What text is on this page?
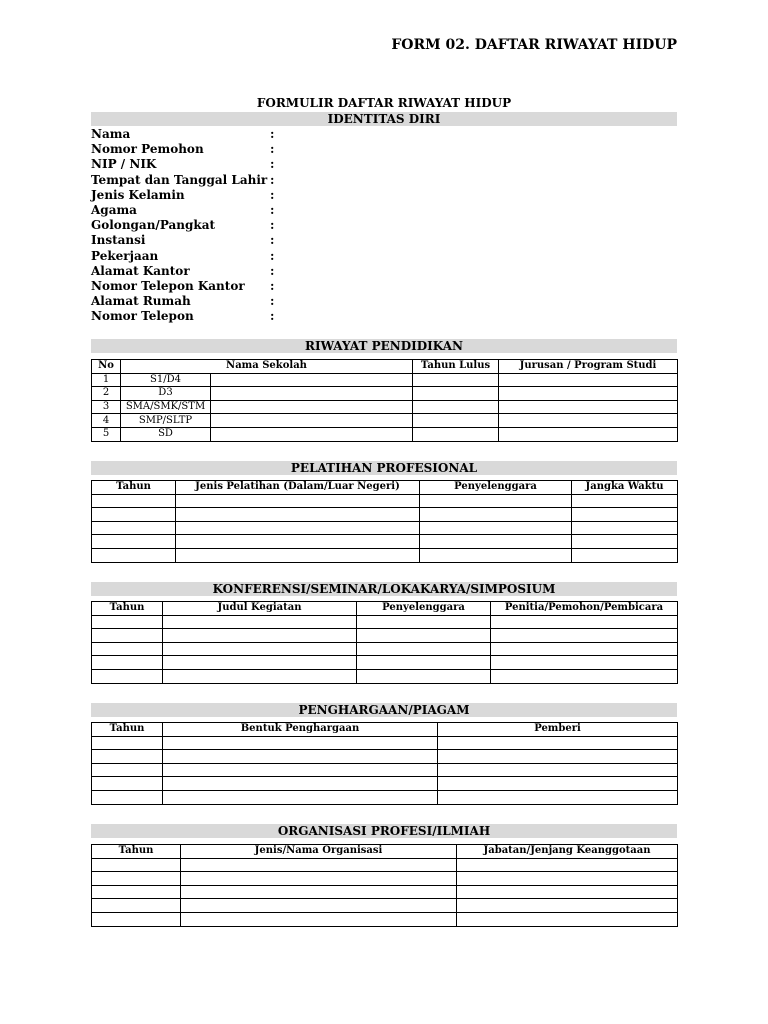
FORM 02. DAFTAR RIWAYAT HIDUP
FORMULIR DAFTAR RIWAYAT HIDUP
IDENTITAS DIRI
Nama	:
Nomor Pemohon	:
NIP / NIK	:
Tempat dan Tanggal Lahir :
Jenis Kelamin	:
Agama	:
Golongan/Pangkat	:
Instansi	:
Pekerjaan	:
Alamat Kantor	:
Nomor Telepon Kantor :
Alamat Rumah	:
Nomor Telepon	:
RIWAYAT PENDIDIKAN
No	Nama Sekolah		Tahun Lulus	Jurusan / Program Studi
1	S1/D4			
2	D3			
3	SMA/SMK/STM			
4	SMP/SLTP			
5	SD			
PELATIHAN PROFESIONAL
Tahun	Jenis Pelatihan (Dalam/Luar Negeri)	Penyelenggara	Jangka Waktu

KONFERENSI/SEMINAR/LOKAKARYA/SIMPOSIUM
Tahun	Judul Kegiatan	Penyelenggara	Penitia/Pemohon/Pembicara

PENGHARGAAN/PIAGAM
Tahun	Bentuk Penghargaan	Pemberi

ORGANISASI PROFESI/ILMIAH
Tahun	Jenis/Nama Organisasi	Jabatan/Jenjang Keanggotaan
